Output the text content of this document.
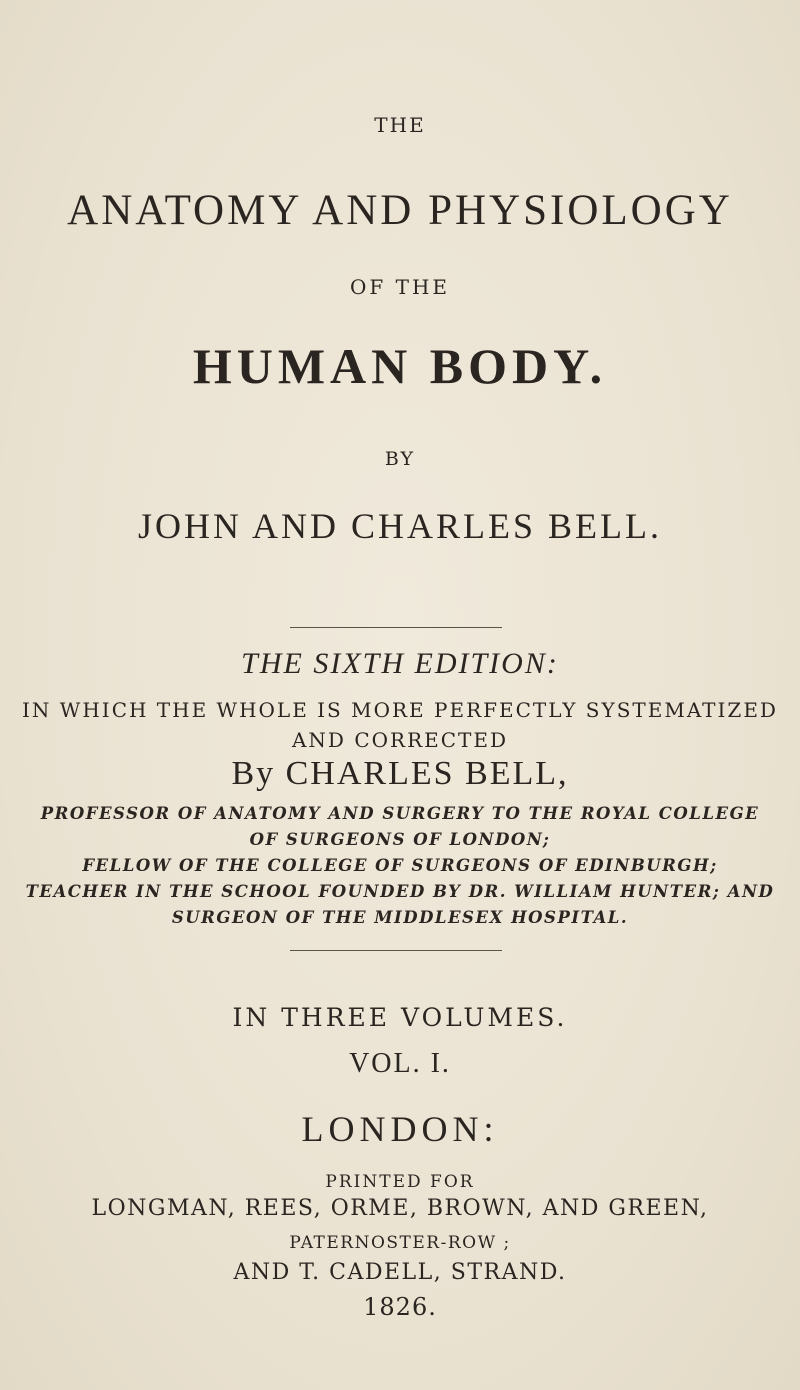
THE
ANATOMY AND PHYSIOLOGY
OF THE
HUMAN BODY.
BY
JOHN AND CHARLES BELL.
THE SIXTH EDITION:
IN WHICH THE WHOLE IS MORE PERFECTLY SYSTEMATIZED
AND CORRECTED
By CHARLES BELL,
PROFESSOR OF ANATOMY AND SURGERY TO THE ROYAL COLLEGE
OF SURGEONS OF LONDON;
FELLOW OF THE COLLEGE OF SURGEONS OF EDINBURGH;
TEACHER IN THE SCHOOL FOUNDED BY DR. WILLIAM HUNTER; AND
SURGEON OF THE MIDDLESEX HOSPITAL.
IN THREE VOLUMES.
VOL. I.
LONDON:
PRINTED FOR
LONGMAN, REES, ORME, BROWN, AND GREEN,
PATERNOSTER-ROW ;
AND T. CADELL, STRAND.
1826.
